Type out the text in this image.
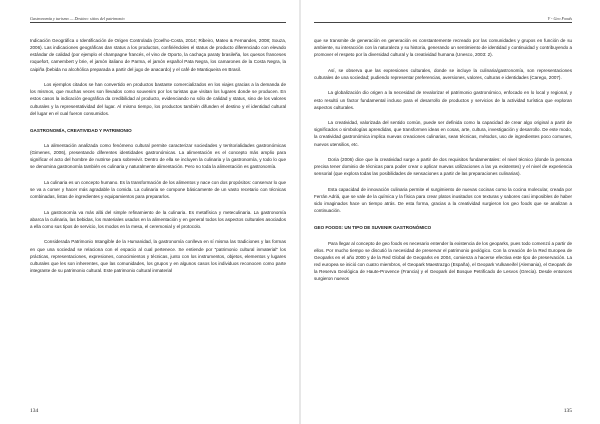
Gastronomía y turismo — Destino: sitios del patrimonio

Indicación Geográfica o Identificación de Origen Controlada (Coelho-Costa, 2014; Ribeiro, Mateo & Fernandes, 2008; Souza, 2006). Las indicaciones geográficas dan status a los productos, confiriéndoles el status de producto diferenciado con elevado estándar de calidad (por ejemplo el champagne francés, el vino de Oporto, la cachaça paraty brasileña, los quesos franceses roquefort, camembert y brie, el jamón italiano de Parma, el jamón español Pata Negra, los camarones de la Costa Negra, la caipiña (bebida no alcohólica preparada a partir del jugo de anacardo) y el café de Mantiqueira en Brasil.

Los ejemplos citados se han convertido en productos bastante comercializados en los viajes gracias a la demanda de los mismos, que muchas veces son llevados como souvenirs por los turistas que visitan los lugares donde se producen. En estos casos la indicación geográfica da credibilidad al producto, evidenciando no sólo de calidad y status, sino de los valores culturales y la representatividad del lugar. Al mismo tiempo, los productos también difunden el destino y el identidad cultural del lugar en el cual fueron consumidos.

GASTRONOMÍA, CREATIVIDAD Y PATRIMONIO

La alimentación analizada como fenómeno cultural permite caracterizar sociedades y territorialidades gastronómicas (Gimenes, 2006), presentando diferentes identidades gastronómicas. La alimentación es el concepto más amplio para significar el acto del hombre de nutrirse para sobrevivir. Dentro de ella se incluyen la culinaria y la gastronomía, y todo lo que se denomina gastronomía también es culinaria y naturalmente alimentación. Pero no toda la alimentación es gastronomía.

La culinaria es un concepto humano. Es la transformación de los alimentos y nace con dos propósitos: conservar lo que se va a comer y hacer más agradable la comida. La culinaria se compone básicamente de un vasto recetario con técnicas combinadas, listas de ingredientes y equipamientos para prepararlos.

La gastronomía va más allá del simple refinamiento de la culinaria. Es metafísica y meteculinaria. La gastronomía abarca la culinaria, las bebidas, los materiales usados en la alimentación y en general todos los aspectos culturales asociados a ella como sus tipos de servicio, los modos en la mesa, el ceremonial y el protocolo.

Considerada Patrimonio Intangible de la Humanidad, la gastronomía conlleva en sí misma las tradiciones y las formas en que una sociedad se relaciona con el espacio al cual pertenece. Se entiende por "patrimonio cultural inmaterial" los prácticas, representaciones, expresiones, conocimientos y técnicas, junto con los instrumentos, objetos, elementos y lugares culturales que les son inherentes, que las comunidades, los grupos y en algunos casos los individuos reconocen como parte integrante de su patrimonio cultural. Este patrimonio cultural inmaterial

134
V - Geo Foods

que se transmite de generación en generación es constantemente recreado por las comunidades y grupos en función de su ambiente, su interacción con la naturaleza y su historia, generando un sentimiento de identidad y continuidad y contribuyendo a promover el respeto por la diversidad cultural y la creatividad humana (Unesco, 2003: 2).

Así, se observa que las expresiones culturales, donde se incluye la culinaria/gastronomía, son representaciones culturales de una sociedad; pudiendo representar preferencias, aversiones, valores, culturas e identidades (Carego, 2007).

La globalización dio origen a la necesidad de revalorizar el patrimonio gastronómico, enfocado en lo local y regional, y esto resultó un factor fundamental incluso para el desarrollo de productos y servicios de la actividad turística que exploran aspectos culturales.

La creatividad, valorizada del sentido común, puede ser definida como la capacidad de crear algo original a partir de significados o simbologías aprendidas, que transformen ideas en cosas, arte, cultura, investigación y desarrollo. De este modo, la creatividad gastronómica implica nuevas creaciones culinarias, sean técnicas, métodos, uso de ingredientes poco comunes, nuevos utensilios, etc.

Doria (2006) dice que la creatividad surge a partir de dos requisitos fundamentales: el nivel técnico (donde la persona precisa tener dominio de técnicas para poder crear o aplicar nuevas utilizaciones a las ya existentes) y el nivel de experiencia sensorial (que explora todas las posibilidades de sensaciones a partir de las preparaciones culinarias).

Esta capacidad de innovación culinaria permite el surgimiento de nuevas cocinas como la cocina molecular, creada por Ferrán Adriá, que se vale de la química y la física para crear platos inusitados con texturas y sabores casi imposibles de haber sido imaginados hace un tiempo atrás. De esta forma, gracias a la creatividad surgieron los geo foods que se analizan a continuación.

GEO FOODS: UN TIPO DE SUVENIR GASTRONÓMICO

Para llegar al concepto de geo foods es necesario entender la existencia de los geoparks, pues todo comenzó a partir de ellos. Por mucho tiempo se discutió la necesidad de preservar el patrimonio geológico. Con la creación de la Red Europea de Geoparks en el año 2000 y de la Red Global de Geoparks en 2004, comienza a hacerse efectiva este tipo de preservación. La red europea se inició con cuatro miembros, el Geopark Maestrazgo (España), el Geopark Vulkaneifel (Alemania), el Geopark de la Reserva Geológica de Haute-Provence (Francia) y el Geopark del Bosque Petrificado de Lesvos (Grecia). Desde entonces surgieron nuevos

135
